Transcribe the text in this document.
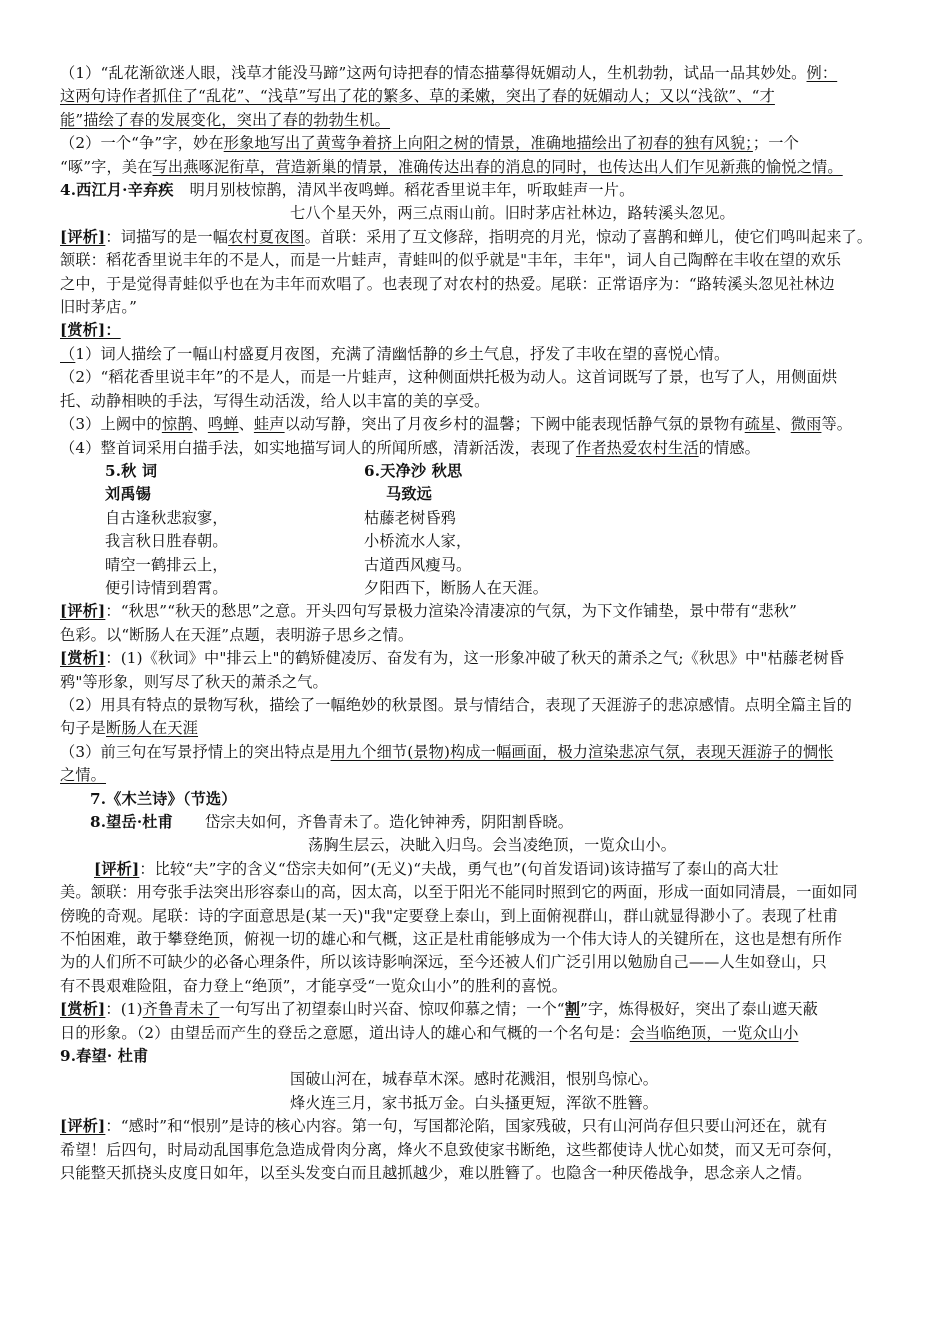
（1）“乱花渐欲迷人眼，浅草才能没马蹄”这两句诗把春的情态描摹得妩媚动人，生机勃勃，试品一品其妙处。例：
这两句诗作者抓住了“乱花”、“浅草”写出了花的繁多、草的柔嫩，突出了春的妩媚动人；又以“浅欲”、“才
能”描绘了春的发展变化，突出了春的勃勃生机。
（2）一个“争”字，妙在形象地写出了黄莺争着挤上向阳之树的情景，准确地描绘出了初春的独有风貌；；一个
“啄”字，美在写出燕啄泥衔草，营造新巢的情景，准确传达出春的消息的同时，也传达出人们乍见新燕的愉悦之情。
4.西江月·辛弃疾 明月别枝惊鹊，清风半夜鸣蝉。稻花香里说丰年，听取蛙声一片。
七八个星天外，两三点雨山前。旧时茅店社林边，路转溪头忽见。
[评析]：词描写的是一幅农村夏夜图。首联：采用了互文修辞，指明亮的月光，惊动了喜鹊和蝉儿，使它们鸣叫起来了。
颔联：稻花香里说丰年的不是人，而是一片蛙声，青蛙叫的似乎就是"丰年，丰年"，词人自己陶醉在丰收在望的欢乐
之中，于是觉得青蛙似乎也在为丰年而欢唱了。也表现了对农村的热爱。尾联：正常语序为：“路转溪头忽见社林边
旧时茅店。”
[赏析]：
（1）词人描绘了一幅山村盛夏月夜图，充满了清幽恬静的乡土气息，抒发了丰收在望的喜悦心情。
（2）“稻花香里说丰年”的不是人，而是一片蛙声，这种侧面烘托极为动人。这首词既写了景，也写了人，用侧面烘
托、动静相映的手法，写得生动活泼，给人以丰富的美的享受。
（3）上阙中的惊鹊、鸣蝉、蛙声以动写静，突出了月夜乡村的温馨；下阙中能表现恬静气氛的景物有疏星、微雨等。
（4）整首词采用白描手法，如实地描写词人的所闻所感，清新活泼，表现了作者热爱农村生活的情感。
5.秋 词	6.天净沙 秋思
刘禹锡	马致远
自古逢秋悲寂寥，	枯藤老树昏鸦
我言秋日胜春朝。	小桥流水人家，
晴空一鹤排云上，	古道西风瘦马。
便引诗情到碧霄。	夕阳西下，断肠人在天涯。
[评析]：“秋思”“秋天的愁思”之意。开头四句写景极力渲染冷清凄凉的气氛，为下文作铺垫，景中带有“悲秋”
色彩。以“断肠人在天涯”点题，表明游子思乡之情。
[赏析]：(1)《秋词》中"排云上"的鹤矫健凌厉、奋发有为，这一形象冲破了秋天的萧杀之气;《秋思》中"枯藤老树昏
鸦"等形象，则写尽了秋天的萧杀之气。
（2）用具有特点的景物写秋，描绘了一幅绝妙的秋景图。景与情结合，表现了天涯游子的悲凉感情。点明全篇主旨的
句子是断肠人在天涯
（3）前三句在写景抒情上的突出特点是用九个细节(景物)构成一幅画面，极力渲染悲凉气氛，表现天涯游子的惆怅
之情。
7.《木兰诗》（节选）
8.望岳·杜甫 岱宗夫如何，齐鲁青未了。造化钟神秀，阴阳割昏晓。
荡胸生层云，决眦入归鸟。会当凌绝顶，一览众山小。
[评析]：比较“夫”字的含义“岱宗夫如何”(无义)“夫战，勇气也”(句首发语词)该诗描写了泰山的高大壮
美。颔联：用夸张手法突出形容泰山的高，因太高，以至于阳光不能同时照到它的两面，形成一面如同清晨，一面如同
傍晚的奇观。尾联：诗的字面意思是(某一天)"我"定要登上泰山，到上面俯视群山，群山就显得渺小了。表现了杜甫
不怕困难，敢于攀登绝顶，俯视一切的雄心和气概，这正是杜甫能够成为一个伟大诗人的关键所在，这也是想有所作
为的人们所不可缺少的必备心理条件，所以该诗影响深远，至今还被人们广泛引用以勉励自己——人生如登山，只
有不畏艰难险阻，奋力登上“绝顶”，才能享受“一览众山小”的胜利的喜悦。
[赏析]：(1)齐鲁青未了一句写出了初望泰山时兴奋、惊叹仰慕之情；一个“割”字，炼得极好，突出了泰山遮天蔽
日的形象。（2）由望岳而产生的登岳之意愿，道出诗人的雄心和气概的一个名句是：会当临绝顶，一览众山小
9.春望· 杜甫
国破山河在，城春草木深。感时花溅泪，恨别鸟惊心。
烽火连三月，家书抵万金。白头搔更短，浑欲不胜簪。
[评析]：“感时”和“恨别”是诗的核心内容。第一句，写国都沦陷，国家残破，只有山河尚存但只要山河还在，就有
希望！后四句，时局动乱国事危急造成骨肉分离，烽火不息致使家书断绝，这些都使诗人忧心如焚，而又无可奈何，
只能整天抓挠头皮度日如年，以至头发变白而且越抓越少，难以胜簪了。也隐含一种厌倦战争，思念亲人之情。
